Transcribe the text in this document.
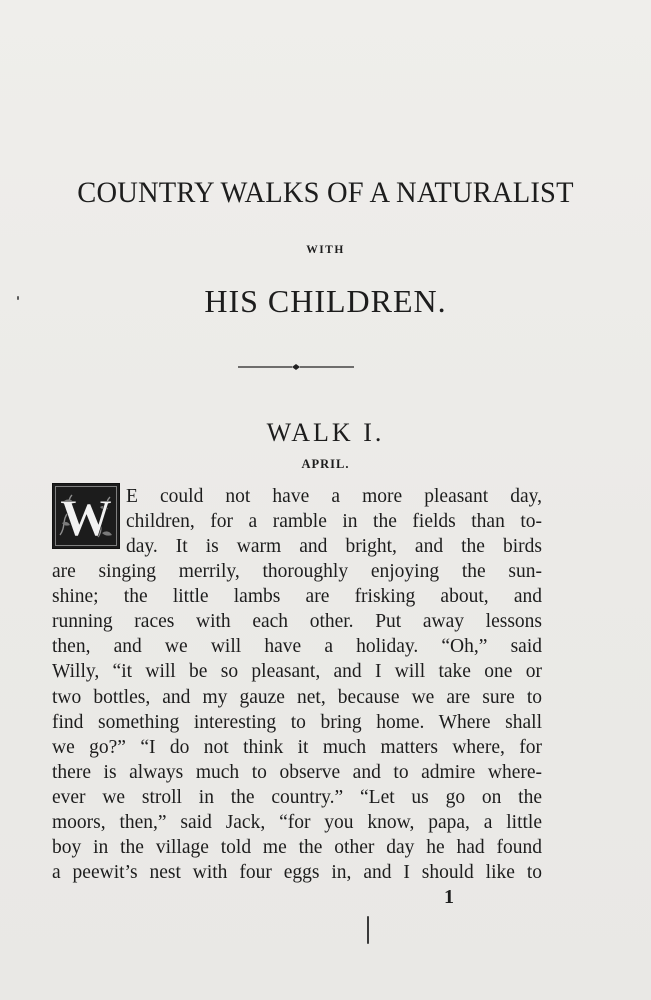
COUNTRY WALKS OF A NATURALIST
WITH
HIS CHILDREN.
WALK I.
APRIL.
W E could not have a more pleasant day,
children, for a ramble in the fields than to-
day. It is warm and bright, and the birds
are singing merrily, thoroughly enjoying the sun-
shine; the little lambs are frisking about, and
running races with each other. Put away lessons
then, and we will have a holiday. “Oh,” said
Willy, “it will be so pleasant, and I will take one or
two bottles, and my gauze net, because we are sure to
find something interesting to bring home. Where shall
we go?” “I do not think it much matters where, for
there is always much to observe and to admire where-
ever we stroll in the country.” “Let us go on the
moors, then,” said Jack, “for you know, papa, a little
boy in the village told me the other day he had found
a peewit’s nest with four eggs in, and I should like to
1
